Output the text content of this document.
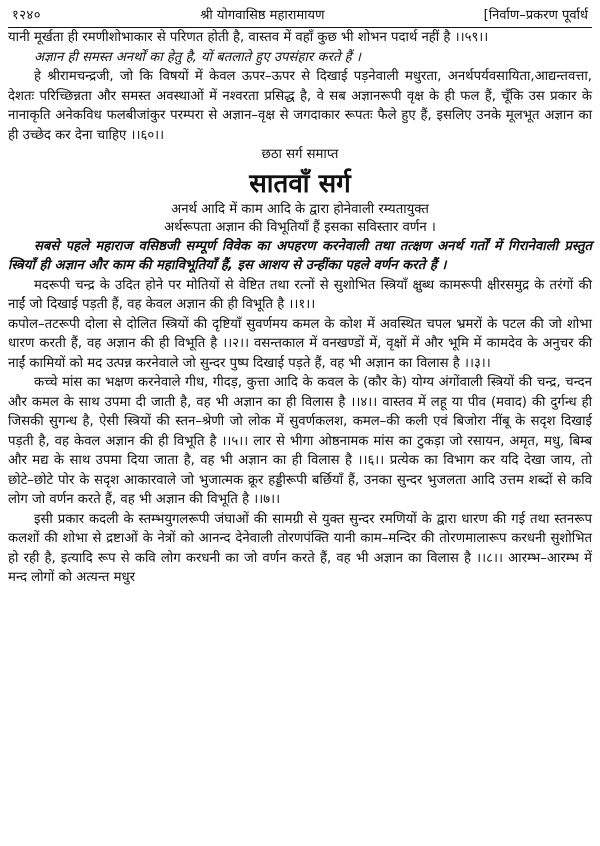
१२४०	श्री योगवासिष्ठ महारामायण	[निर्वाण–प्रकरण पूर्वार्ध

यानी मूर्खता ही रमणीशोभाकार से परिणत होती है, वास्तव में वहाँ कुछ भी शोभन पदार्थ नहीं है ।।५९।।

अज्ञान ही समस्त अनर्थों का हेतु है, यों बतलाते हुए उपसंहार करते हैं ।

हे श्रीरामचन्द्रजी, जो कि विषयों में केवल ऊपर–ऊपर से दिखाई पड़नेवाली मधुरता, अनर्थपर्यवसायिता,आद्यन्तवत्ता, देशतः परिच्छिन्नता और समस्त अवस्थाओं में नश्वरता प्रसिद्ध है, वे सब अज्ञानरूपी वृक्ष के ही फल हैं, चूँकि उस प्रकार के नानाकृति अनेकविध फलबीजांकुर परम्परा से अज्ञान–वृक्ष से जगदाकार रूपतः फैले हुए हैं, इसलिए उनके मूलभूत अज्ञान का ही उच्छेद कर देना चाहिए ।।६०।।

छठा सर्ग समाप्त

सातवाँ सर्ग
अनर्थ आदि में काम आदि के द्वारा होनेवाली रम्यतायुक्त
अर्थरूपता अज्ञान की विभूतियाँ हैं इसका सविस्तार वर्णन ।

सबसे पहले महाराज वसिष्ठजी सम्पूर्ण विवेक का अपहरण करनेवाली तथा तत्क्षण अनर्थ गर्तों में गिरानेवाली प्रस्तुत स्त्रियाँ ही अज्ञान और काम की महाविभूतियाँ हैं, इस आशय से उन्हींका पहले वर्णन करते हैं ।

मदरूपी चन्द्र के उदित होने पर मोतियों से वेष्टित तथा रत्नों से सुशोभित स्त्रियाँ क्षुब्ध कामरूपी क्षीरसमुद्र के तरंगों की नाईं जो दिखाई पड़ती हैं, वह केवल अज्ञान की ही विभूति है ।।१।।

कपोल–तटरूपी दोला से दोलित स्त्रियों की दृष्टियाँ सुवर्णमय कमल के कोश में अवस्थित चपल भ्रमरों के पटल की जो शोभा धारण करती हैं, वह अज्ञान की ही विभूति है ।।२।। वसन्तकाल में वनखण्डों में, वृक्षों में और भूमि में कामदेव के अनुचर की नाईं कामियों को मद उत्पन्न करनेवाले जो सुन्दर पुष्प दिखाई पड़ते हैं, वह भी अज्ञान का विलास है ।।३।।

कच्चे मांस का भक्षण करनेवाले गीध, गीदड़, कुत्ता आदि के कवल के (कौर के) योग्य अंगोंवाली स्त्रियों की चन्द्र, चन्दन और कमल के साथ उपमा दी जाती है, वह भी अज्ञान का ही विलास है ।।४।। वास्तव में लहू या पीव (मवाद) की दुर्गन्ध ही जिसकी सुगन्ध है, ऐसी स्त्रियों की स्तन–श्रेणी जो लोक में सुवर्णकलश, कमल–की कली एवं बिजोरा नींबू के सदृश दिखाई पड़ती है, वह केवल अज्ञान की ही विभूति है ।।५।। लार से भीगा ओष्ठनामक मांस का टुकड़ा जो रसायन, अमृत, मधु, बिम्ब और मद्य के साथ उपमा दिया जाता है, वह भी अज्ञान का ही विलास है ।।६।। प्रत्येक का विभाग कर यदि देखा जाय, तो छोटे–छोटे पोर के सदृश आकारवाले जो भुजात्मक क्रूर हड्डीरूपी बर्छियाँ हैं, उनका सुन्दर भुजलता आदि उत्तम शब्दों से कवि लोग जो वर्णन करते हैं, वह भी अज्ञान की विभूति है ।।७।।

इसी प्रकार कदली के स्तम्भयुगलरूपी जंघाओं की सामग्री से युक्त सुन्दर रमणियों के द्वारा धारण की गई तथा स्तनरूप कलशों की शोभा से द्रष्टाओं के नेत्रों को आनन्द देनेवाली तोरणपंक्ति यानी काम–मन्दिर की तोरणमालारूप करधनी सुशोभित हो रही है, इत्यादि रूप से कवि लोग करधनी का जो वर्णन करते हैं, वह भी अज्ञान का विलास है ।।८।। आरम्भ–आरम्भ में मन्द लोगों को अत्यन्त मधुर
